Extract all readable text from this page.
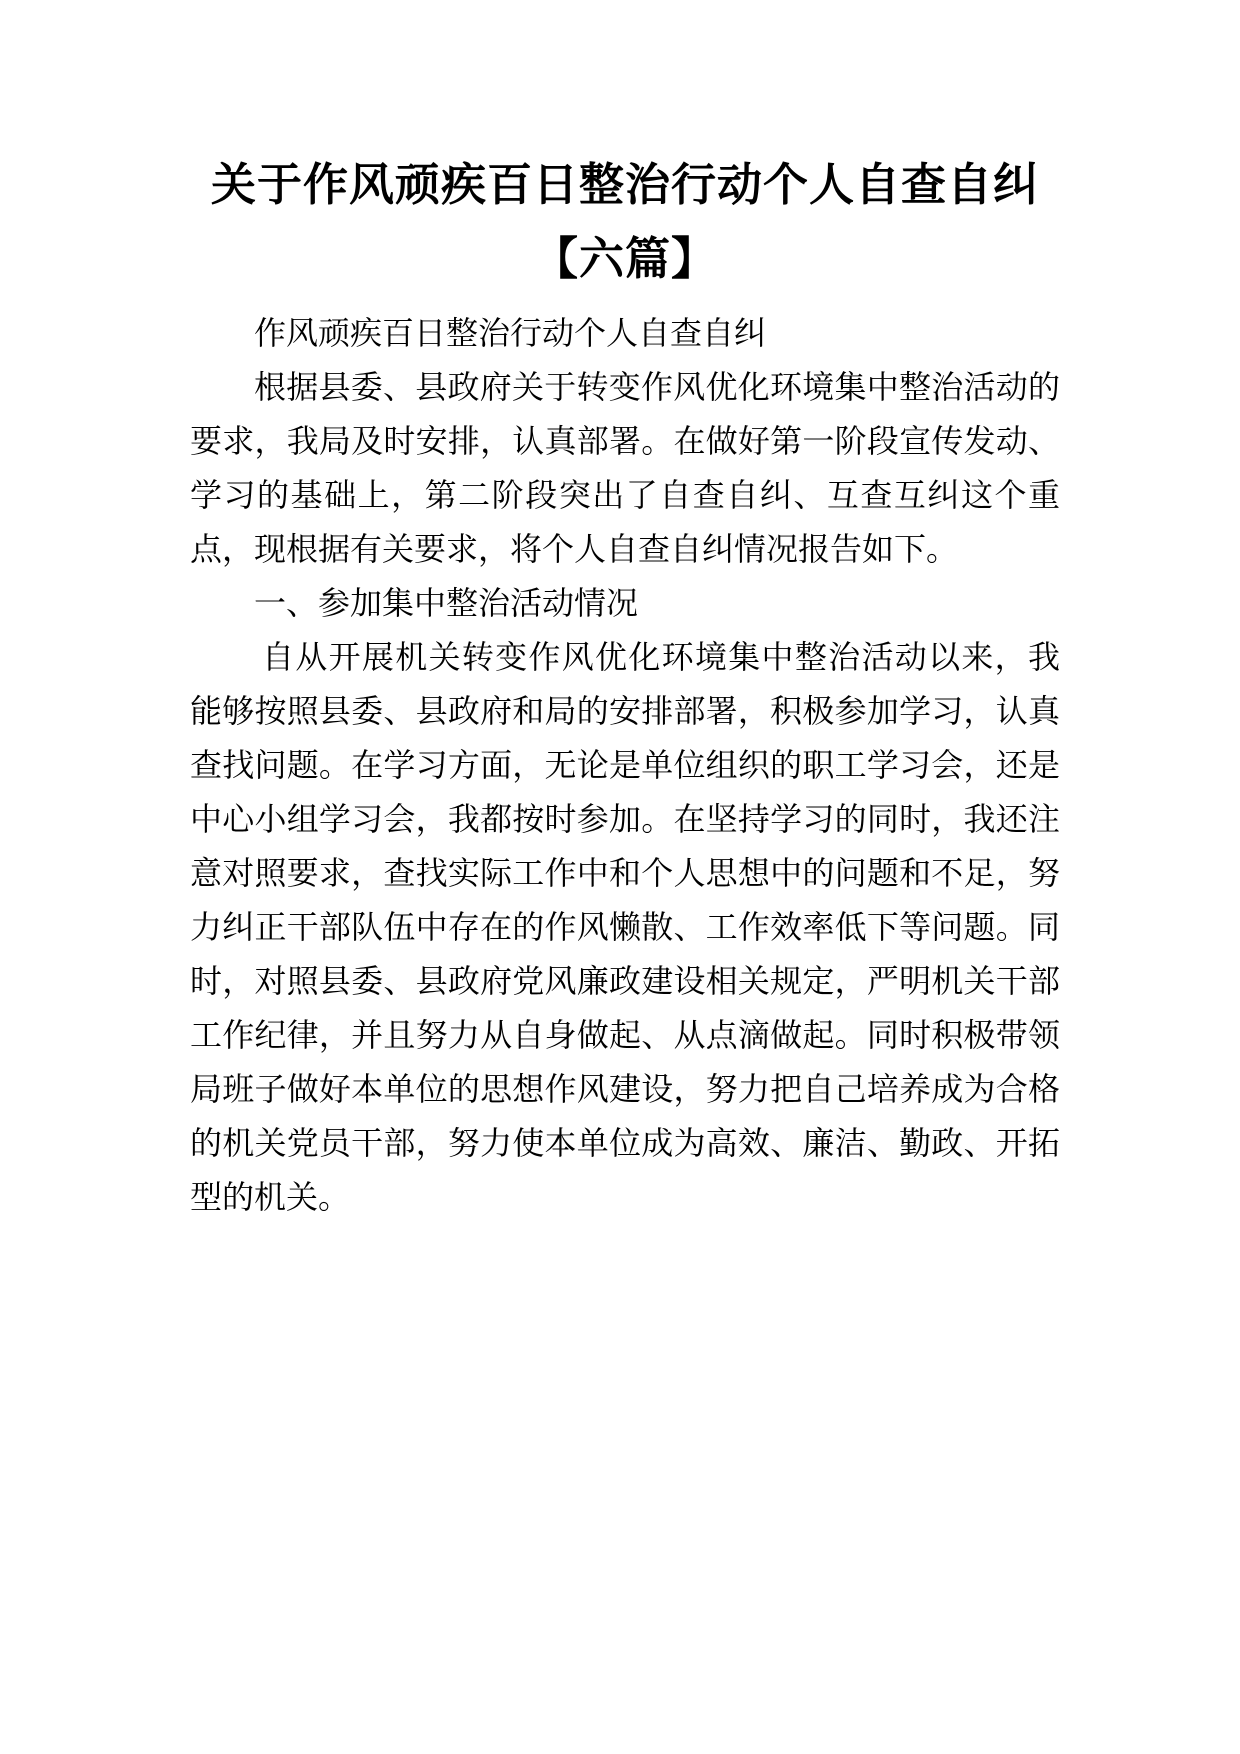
关于作风顽疾百日整治行动个人自查自纠
【六篇】

作风顽疾百日整治行动个人自查自纠

根据县委、县政府关于转变作风优化环境集中整治活动的要求，我局及时安排，认真部署。在做好第一阶段宣传发动、学习的基础上，第二阶段突出了自查自纠、互查互纠这个重点，现根据有关要求，将个人自查自纠情况报告如下。

一、参加集中整治活动情况

自从开展机关转变作风优化环境集中整治活动以来，我能够按照县委、县政府和局的安排部署，积极参加学习，认真查找问题。在学习方面，无论是单位组织的职工学习会，还是中心小组学习会，我都按时参加。在坚持学习的同时，我还注意对照要求，查找实际工作中和个人思想中的问题和不足，努力纠正干部队伍中存在的作风懒散、工作效率低下等问题。同时，对照县委、县政府党风廉政建设相关规定，严明机关干部工作纪律，并且努力从自身做起、从点滴做起。同时积极带领局班子做好本单位的思想作风建设，努力把自己培养成为合格的机关党员干部，努力使本单位成为高效、廉洁、勤政、开拓型的机关。
